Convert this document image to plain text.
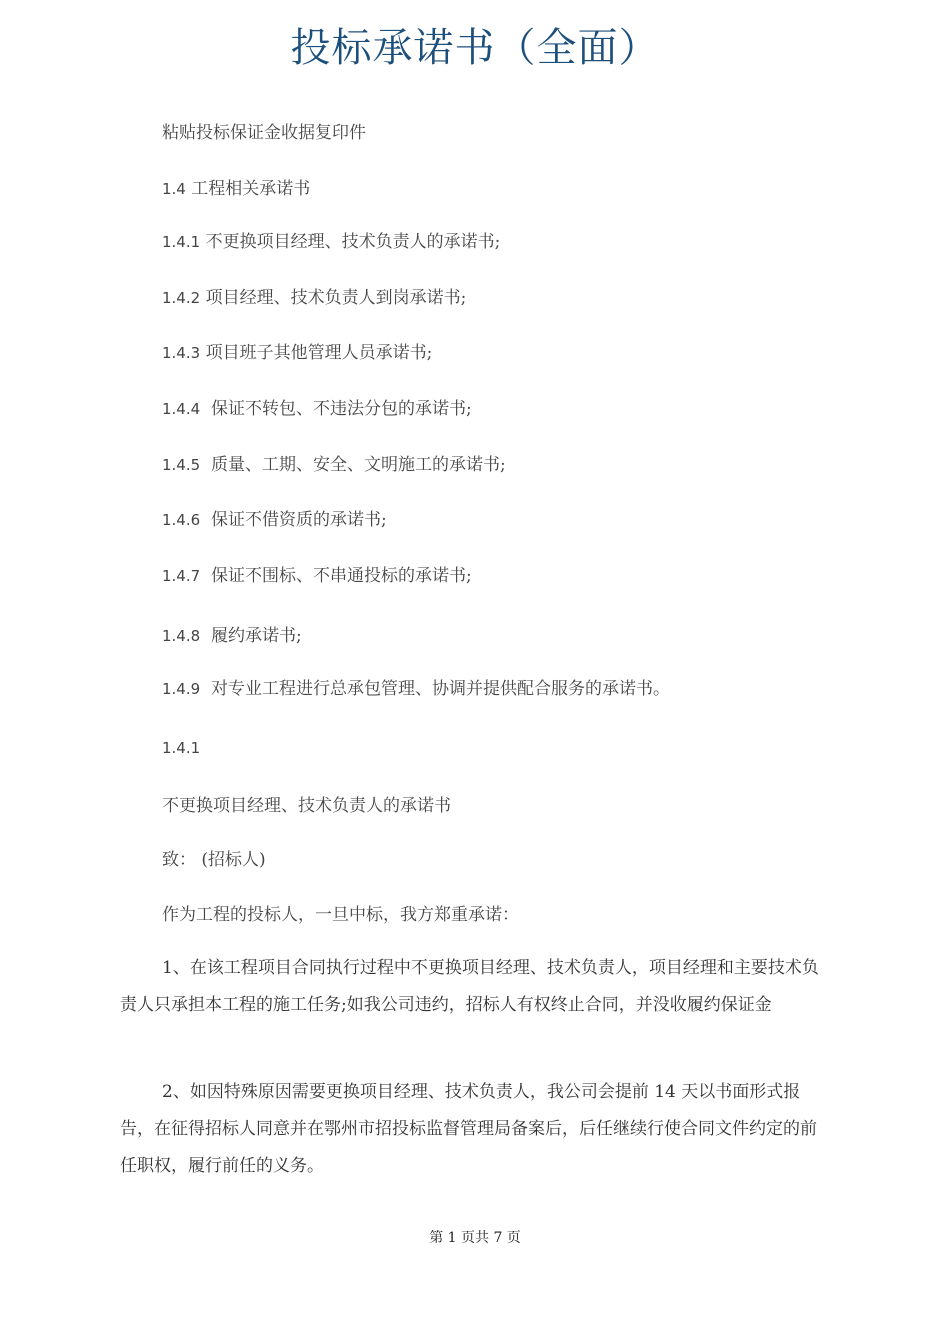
投标承诺书（全面）
粘贴投标保证金收据复印件
1.4 工程相关承诺书
1.4.1 不更换项目经理、技术负责人的承诺书;
1.4.2 项目经理、技术负责人到岗承诺书;
1.4.3 项目班子其他管理人员承诺书;
1.4.4 保证不转包、不违法分包的承诺书;
1.4.5 质量、工期、安全、文明施工的承诺书;
1.4.6 保证不借资质的承诺书;
1.4.7 保证不围标、不串通投标的承诺书;
1.4.8 履约承诺书;
1.4.9 对专业工程进行总承包管理、协调并提供配合服务的承诺书。
1.4.1
不更换项目经理、技术负责人的承诺书
致： (招标人)
作为工程的投标人，一旦中标，我方郑重承诺：
1、在该工程项目合同执行过程中不更换项目经理、技术负责人，项目经理和主要技术负责人只承担本工程的施工任务;如我公司违约，招标人有权终止合同，并没收履约保证金
2、如因特殊原因需要更换项目经理、技术负责人，我公司会提前 14 天以书面形式报告，在征得招标人同意并在鄂州市招投标监督管理局备案后，后任继续行使合同文件约定的前任职权，履行前任的义务。
第 1 页共 7 页
